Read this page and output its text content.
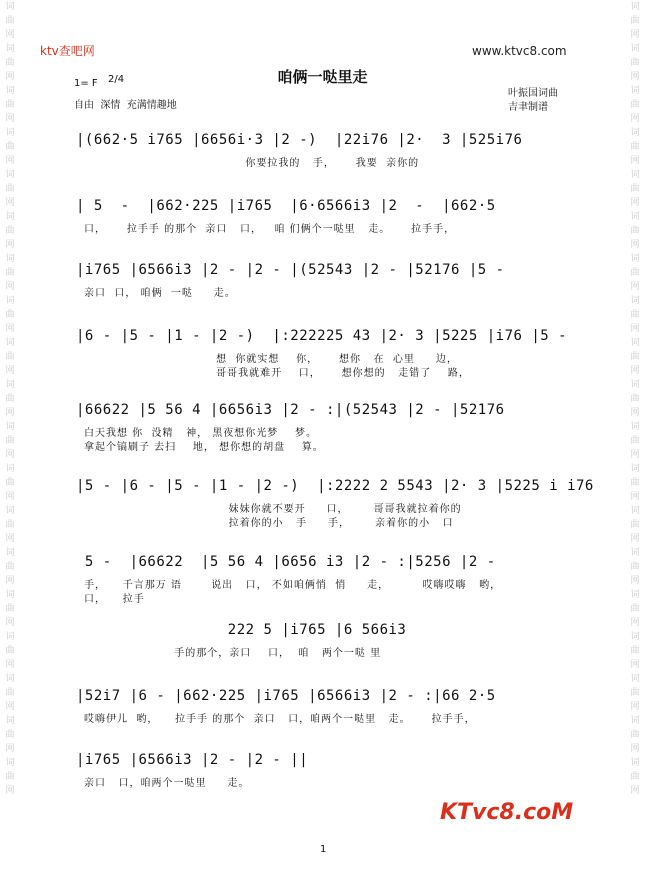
词曲网词曲网词曲网词曲网词曲网词曲网词曲网词曲网词曲网词曲网词曲网词曲网词曲网词曲网词曲网词曲网词曲网词曲网词曲网
词曲网词曲网词曲网词曲网词曲网词曲网词曲网词曲网词曲网词曲网词曲网词曲网词曲网词曲网词曲网词曲网词曲网词曲网词曲网
ktv查吧网	www.ktvc8.com
咱俩一哒里走
1= F 2/4
自由  深情  充满情趣地
叶振国词曲
吉聿制谱
|(662·5 i765 |6656i·3 |2 -)  |22i76 |2·  3 |525i76
你要拉我的   手，     我要  亲你的
| 5  -  |662·225 |i765  |6·6566i3 |2  -  |662·5
口，     拉手手 的那个  亲口   口，   咱 们俩个一哒里   走。     拉手手，
|i765 |6566i3 |2 - |2 - |(52543 |2 - |52176 |5 -
亲口  口， 咱俩  一哒     走。
|6 - |5 - |1 - |2 -)  |:222225 43 |2· 3 |5225 |i76 |5 -
想  你就实想    你，     想你   在  心里     边，
哥哥我就难开    口，     想你想的   走错了    路，
|66622 |5 56 4 |6656i3 |2 - :|(52543 |2 - |52176
白天我想 你  没精   神， 黑夜想你光梦    梦。
拿起个镐刷子 去扫    地， 想你想的胡盘    算。
|5 - |6 - |5 - |1 - |2 -)  |:2222 2 5543 |2· 3 |5225 i i76
妹妹你就不要开     口，      哥哥我就拉着你的
拉着你的小   手     手，      亲着你的小   口
5 -  |66622  |5 56 4 |6656 i3 |2 - :|5256 |2 -
手，    千言那万 语       说出   口， 不如咱俩悄  悄     走，        哎嗨哎嗨   哟，
口，    拉手
222 5 |i765 |6 566i3
手的那个，亲口    口，  咱   两个一哒 里
|52i7 |6 - |662·225 |i765 |6566i3 |2 - :|66 2·5
哎嗨伊儿  哟，    拉手手 的那个  亲口   口，咱两个一哒里   走。     拉手手，
|i765 |6566i3 |2 - |2 - ||
亲口   口，咱两个一哒里     走。
KTvc8.coM
1
